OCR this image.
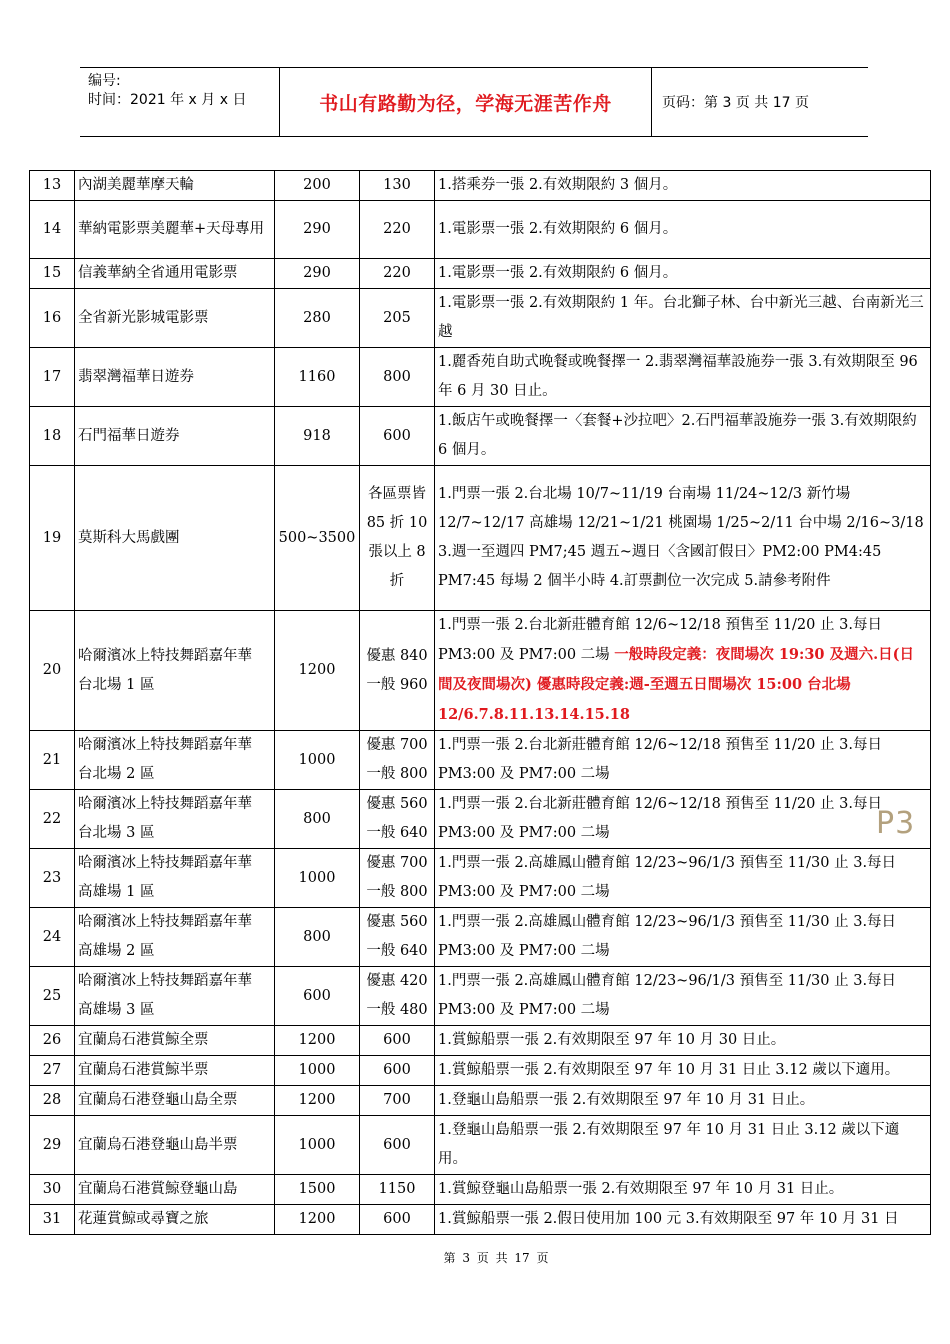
编号:
时间：2021 年 x 月 x 日	书山有路勤为径，学海无涯苦作舟	页码：第 3 页 共 17 页
13	內湖美麗華摩天輪	200	130	1.搭乘券一張 2.有效期限約 3 個月。
14	華納電影票美麗華+天母專用	290	220	1.電影票一張 2.有效期限約 6 個月。
15	信義華納全省通用電影票	290	220	1.電影票一張 2.有效期限約 6 個月。
16	全省新光影城電影票	280	205	1.電影票一張 2.有效期限約 1 年。台北獅子林、台中新光三越、台南新光三越
17	翡翠灣福華日遊券	1160	800	1.麗香苑自助式晚餐或晚餐擇一 2.翡翠灣福華設施券一張 3.有效期限至 96 年 6 月 30 日止。
18	石門福華日遊券	918	600	1.飯店午或晚餐擇一〈套餐+沙拉吧〉2.石門福華設施券一張 3.有效期限約 6 個月。
19	莫斯科大馬戲團	500~3500	各區票皆 85 折 10 張以上 8 折	1.門票一張 2.台北場 10/7~11/19 台南場 11/24~12/3 新竹場 12/7~12/17 高雄場 12/21~1/21 桃園場 1/25~2/11 台中場 2/16~3/18 3.週一至週四 PM7;45 週五~週日〈含國訂假日〉PM2:00 PM4:45 PM7:45 每場 2 個半小時 4.訂票劃位一次完成 5.請參考附件
20	哈爾濱冰上特技舞蹈嘉年華 台北場 1 區	1200	優惠 840 一般 960	1.門票一張 2.台北新莊體育館 12/6~12/18 預售至 11/20 止 3.每日 PM3:00 及 PM7:00 二場 一般時段定義：夜間場次 19:30 及週六.日(日間及夜間場次) 優惠時段定義:週-至週五日間場次 15:00 台北場 12/6.7.8.11.13.14.15.18
21	哈爾濱冰上特技舞蹈嘉年華 台北場 2 區	1000	優惠 700 一般 800	1.門票一張 2.台北新莊體育館 12/6~12/18 預售至 11/20 止 3.每日 PM3:00 及 PM7:00 二場
22	哈爾濱冰上特技舞蹈嘉年華 台北場 3 區	800	優惠 560 一般 640	1.門票一張 2.台北新莊體育館 12/6~12/18 預售至 11/20 止 3.每日 PM3:00 及 PM7:00 二場
23	哈爾濱冰上特技舞蹈嘉年華 高雄場 1 區	1000	優惠 700 一般 800	1.門票一張 2.高雄鳳山體育館 12/23~96/1/3 預售至 11/30 止 3.每日 PM3:00 及 PM7:00 二場
24	哈爾濱冰上特技舞蹈嘉年華 高雄場 2 區	800	優惠 560 一般 640	1.門票一張 2.高雄鳳山體育館 12/23~96/1/3 預售至 11/30 止 3.每日 PM3:00 及 PM7:00 二場
25	哈爾濱冰上特技舞蹈嘉年華 高雄場 3 區	600	優惠 420 一般 480	1.門票一張 2.高雄鳳山體育館 12/23~96/1/3 預售至 11/30 止 3.每日 PM3:00 及 PM7:00 二場
26	宜蘭烏石港賞鯨全票	1200	600	1.賞鯨船票一張 2.有效期限至 97 年 10 月 30 日止。
27	宜蘭烏石港賞鯨半票	1000	600	1.賞鯨船票一張 2.有效期限至 97 年 10 月 31 日止 3.12 歲以下適用。
28	宜蘭烏石港登龜山島全票	1200	700	1.登龜山島船票一張 2.有效期限至 97 年 10 月 31 日止。
29	宜蘭烏石港登龜山島半票	1000	600	1.登龜山島船票一張 2.有效期限至 97 年 10 月 31 日止 3.12 歲以下適用。
30	宜蘭烏石港賞鯨登龜山島	1500	1150	1.賞鯨登龜山島船票一張 2.有效期限至 97 年 10 月 31 日止。
31	花蓮賞鯨或尋寶之旅	1200	600	1.賞鯨船票一張 2.假日使用加 100 元 3.有效期限至 97 年 10 月 31 日
P3
第 3 页 共 17 页
